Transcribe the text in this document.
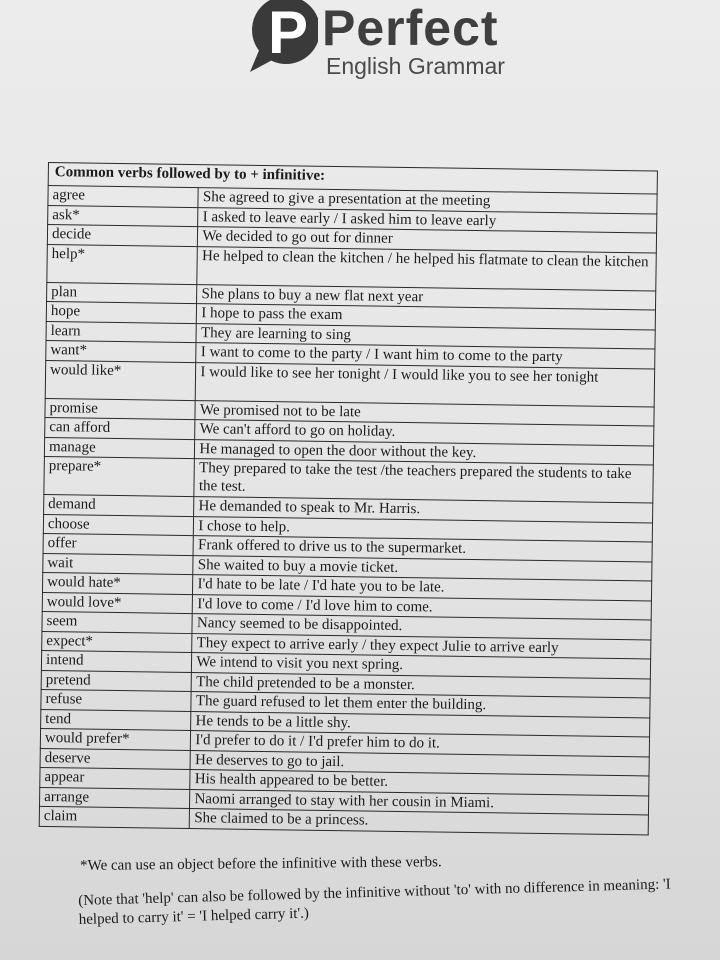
P Perfect
English Grammar
Common verbs followed by to + infinitive:	
agree	She agreed to give a presentation at the meeting
ask*	I asked to leave early / I asked him to leave early
decide	We decided to go out for dinner
help*	He helped to clean the kitchen / he helped his flatmate to clean the kitchen
plan	She plans to buy a new flat next year
hope	I hope to pass the exam
learn	They are learning to sing
want*	I want to come to the party / I want him to come to the party
would like*	I would like to see her tonight / I would like you to see her tonight
promise	We promised not to be late
can afford	We can't afford to go on holiday.
manage	He managed to open the door without the key.
prepare*	They prepared to take the test /the teachers prepared the students to take the test.
demand	He demanded to speak to Mr. Harris.
choose	I chose to help.
offer	Frank offered to drive us to the supermarket.
wait	She waited to buy a movie ticket.
would hate*	I'd hate to be late / I'd hate you to be late.
would love*	I'd love to come / I'd love him to come.
seem	Nancy seemed to be disappointed.
expect*	They expect to arrive early / they expect Julie to arrive early
intend	We intend to visit you next spring.
pretend	The child pretended to be a monster.
refuse	The guard refused to let them enter the building.
tend	He tends to be a little shy.
would prefer*	I'd prefer to do it / I'd prefer him to do it.
deserve	He deserves to go to jail.
appear	His health appeared to be better.
arrange	Naomi arranged to stay with her cousin in Miami.
claim	She claimed to be a princess.
*We can use an object before the infinitive with these verbs.
(Note that 'help' can also be followed by the infinitive without 'to' with no difference in meaning: 'I helped to carry it' = 'I helped carry it'.)
